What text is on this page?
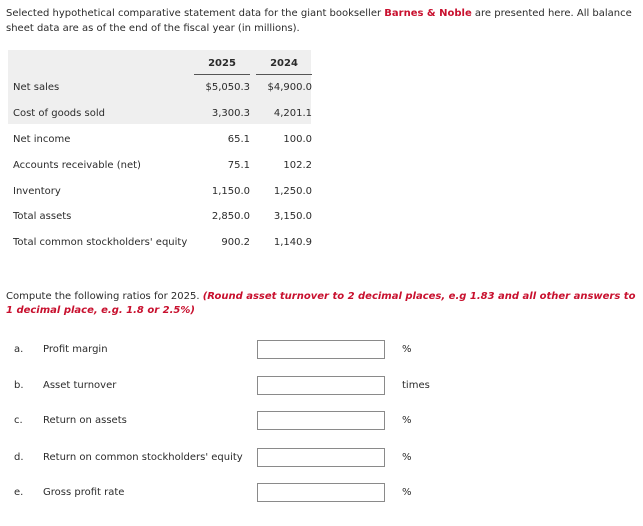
Selected hypothetical comparative statement data for the giant bookseller Barnes & Noble are presented here. All balance sheet data are as of the end of the fiscal year (in millions).
2025	2024
Net sales	$5,050.3	$4,900.0
Cost of goods sold	3,300.3	4,201.1
Net income	65.1	100.0
Accounts receivable (net)	75.1	102.2
Inventory	1,150.0	1,250.0
Total assets	2,850.0	3,150.0
Total common stockholders' equity	900.2	1,140.9
Compute the following ratios for 2025. (Round asset turnover to 2 decimal places, e.g 1.83 and all other answers to 1 decimal place, e.g. 1.8 or 2.5%)
a. Profit margin	%
b. Asset turnover	times
c. Return on assets	%
d. Return on common stockholders' equity	%
e. Gross profit rate	%
